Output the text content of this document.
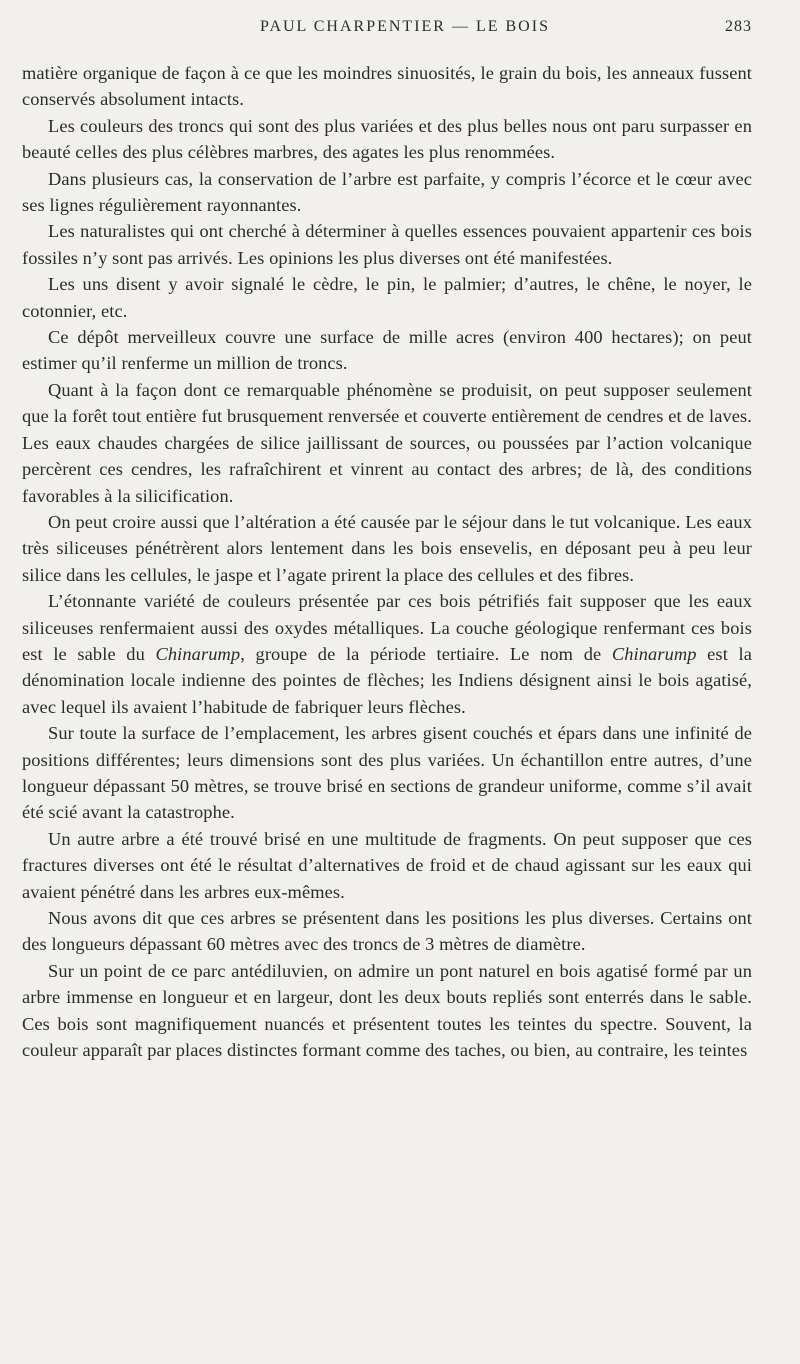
PAUL CHARPENTIER — LE BOIS	283

matière organique de façon à ce que les moindres sinuosités, le grain du bois, les anneaux fussent conservés absolument intacts.

Les couleurs des troncs qui sont des plus variées et des plus belles nous ont paru surpasser en beauté celles des plus célèbres marbres, des agates les plus renommées.

Dans plusieurs cas, la conservation de l’arbre est parfaite, y compris l’écorce et le cœur avec ses lignes régulièrement rayonnantes.

Les naturalistes qui ont cherché à déterminer à quelles essences pouvaient appartenir ces bois fossiles n’y sont pas arrivés. Les opinions les plus diverses ont été manifestées.

Les uns disent y avoir signalé le cèdre, le pin, le palmier; d’autres, le chêne, le noyer, le cotonnier, etc.

Ce dépôt merveilleux couvre une surface de mille acres (environ 400 hectares); on peut estimer qu’il renferme un million de troncs.

Quant à la façon dont ce remarquable phénomène se produisit, on peut supposer seulement que la forêt tout entière fut brusquement renversée et couverte entièrement de cendres et de laves. Les eaux chaudes chargées de silice jaillissant de sources, ou poussées par l’action volcanique percèrent ces cendres, les rafraîchirent et vinrent au contact des arbres; de là, des conditions favorables à la silicification.

On peut croire aussi que l’altération a été causée par le séjour dans le tut volcanique. Les eaux très siliceuses pénétrèrent alors lentement dans les bois ensevelis, en déposant peu à peu leur silice dans les cellules, le jaspe et l’agate prirent la place des cellules et des fibres.

L’étonnante variété de couleurs présentée par ces bois pétrifiés fait supposer que les eaux siliceuses renfermaient aussi des oxydes métalliques. La couche géologique renfermant ces bois est le sable du Chinarump, groupe de la période tertiaire. Le nom de Chinarump est la dénomination locale indienne des pointes de flèches; les Indiens désignent ainsi le bois agatisé, avec lequel ils avaient l’habitude de fabriquer leurs flèches.

Sur toute la surface de l’emplacement, les arbres gisent couchés et épars dans une infinité de positions différentes; leurs dimensions sont des plus variées. Un échantillon entre autres, d’une longueur dépassant 50 mètres, se trouve brisé en sections de grandeur uniforme, comme s’il avait été scié avant la catastrophe.

Un autre arbre a été trouvé brisé en une multitude de fragments. On peut supposer que ces fractures diverses ont été le résultat d’alternatives de froid et de chaud agissant sur les eaux qui avaient pénétré dans les arbres eux-mêmes.

Nous avons dit que ces arbres se présentent dans les positions les plus diverses. Certains ont des longueurs dépassant 60 mètres avec des troncs de 3 mètres de diamètre.

Sur un point de ce parc antédiluvien, on admire un pont naturel en bois agatisé formé par un arbre immense en longueur et en largeur, dont les deux bouts repliés sont enterrés dans le sable. Ces bois sont magnifiquement nuancés et présentent toutes les teintes du spectre. Souvent, la couleur apparaît par places distinctes formant comme des taches, ou bien, au contraire, les teintes
